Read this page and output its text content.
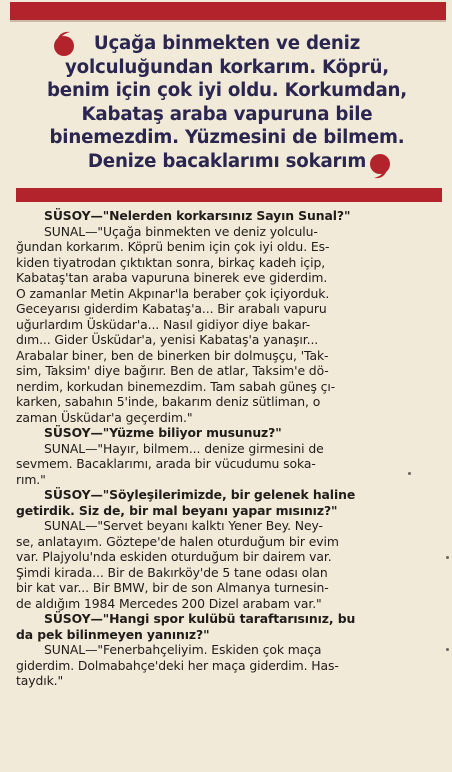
Uçağa binmekten ve deniz
yolculuğundan korkarım. Köprü,
benim için çok iyi oldu. Korkumdan,
Kabataş araba vapuruna bile
binemezdim. Yüzmesini de bilmem.
Denize bacaklarımı sokarım
SÜSOY—"Nelerden korkarsınız Sayın Sunal?"
SUNAL—"Uçağa binmekten ve deniz yolculu-
ğundan korkarım. Köprü benim için çok iyi oldu. Es-
kiden tiyatrodan çıktıktan sonra, birkaç kadeh içip,
Kabataş'tan araba vapuruna binerek eve giderdim.
O zamanlar Metin Akpınar'la beraber çok içiyorduk.
Geceyarısı giderdim Kabataş'a... Bir arabalı vapuru
uğurlardım Üsküdar'a... Nasıl gidiyor diye bakar-
dım... Gider Üsküdar'a, yenisi Kabataş'a yanaşır...
Arabalar biner, ben de binerken bir dolmuşçu, 'Tak-
sim, Taksim' diye bağırır. Ben de atlar, Taksim'e dö-
nerdim, korkudan binemezdim. Tam sabah güneş çı-
karken, sabahın 5'inde, bakarım deniz sütliman, o
zaman Üsküdar'a geçerdim."
SÜSOY—"Yüzme biliyor musunuz?"
SUNAL—"Hayır, bilmem... denize girmesini de
sevmem. Bacaklarımı, arada bir vücudumu soka-
rım."
SÜSOY—"Söyleşilerimizde, bir gelenek haline
getirdik. Siz de, bir mal beyanı yapar mısınız?"
SUNAL—"Servet beyanı kalktı Yener Bey. Ney-
se, anlatayım. Göztepe'de halen oturduğum bir evim
var. Plajyolu'nda eskiden oturduğum bir dairem var.
Şimdi kirada... Bir de Bakırköy'de 5 tane odası olan
bir kat var... Bir BMW, bir de son Almanya turnesin-
de aldığım 1984 Mercedes 200 Dizel arabam var."
SÜSOY—"Hangi spor kulübü taraftarısınız, bu
da pek bilinmeyen yanınız?"
SUNAL—"Fenerbahçeliyim. Eskiden çok maça
giderdim. Dolmabahçe'deki her maça giderdim. Has-
taydık."
